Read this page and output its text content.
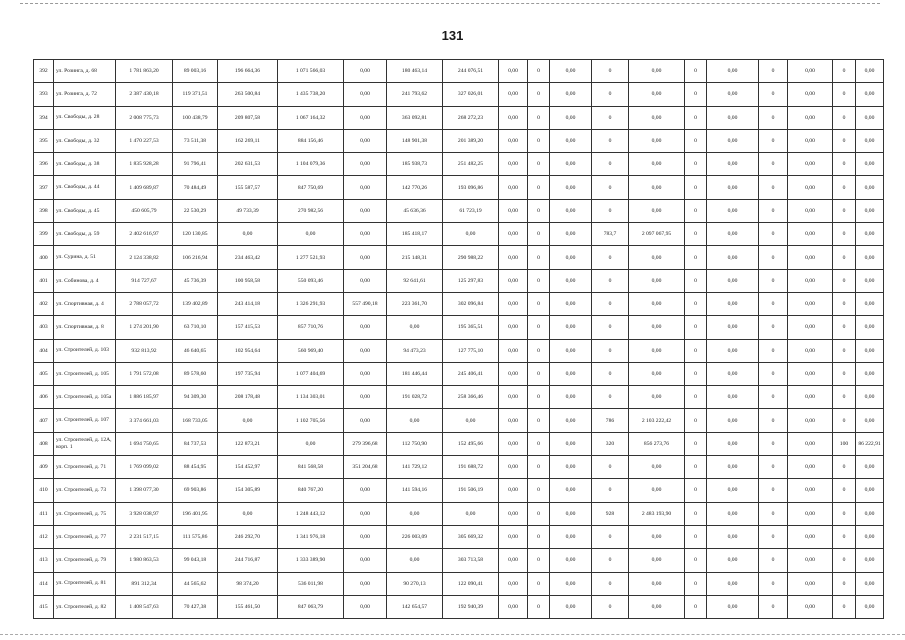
131
392	ул. Розинга, д. 68	1 781 863,20	89 003,16	196 664,36	1 071 566,03	0,00	180 463,14	244 076,51	0,00	0	0,00	0	0,00	0	0,00	0	0,00	0	0,00
393	ул. Розинга, д. 72	2 387 430,18	119 371,51	263 500,84	1 435 738,20	0,00	241 793,62	327 026,01	0,00	0	0,00	0	0,00	0	0,00	0	0,00	0	0,00
394	ул. Свободы, д. 28	2 008 775,73	100 438,79	209 807,58	1 067 164,32	0,00	363 092,81	268 272,23	0,00	0	0,00	0	0,00	0	0,00	0	0,00	0	0,00
395	ул. Свободы, д. 32	1 470 227,53	73 511,38	162 269,11	884 156,46	0,00	148 901,38	201 389,20	0,00	0	0,00	0	0,00	0	0,00	0	0,00	0	0,00
396	ул. Свободы, д. 38	1 835 928,28	91 796,41	202 631,53	1 104 079,36	0,00	185 938,73	251 482,25	0,00	0	0,00	0	0,00	0	0,00	0	0,00	0	0,00
397	ул. Свободы, д. 44	1 409 689,87	70 484,49	155 587,57	847 750,69	0,00	142 770,26	193 096,86	0,00	0	0,00	0	0,00	0	0,00	0	0,00	0	0,00
398	ул. Свободы, д. 45	450 605,79	22 530,29	49 733,39	270 982,56	0,00	45 636,36	61 723,19	0,00	0	0,00	0	0,00	0	0,00	0	0,00	0	0,00
399	ул. Свободы, д. 59	2 402 616,97	120 130,85	0,00	0,00	0,00	185 418,17	0,00	0,00	0	0,00	783,7	2 097 067,95	0	0,00	0	0,00	0	0,00
400	ул. Сурина, д. 51	2 124 338,82	106 216,94	234 463,42	1 277 521,93	0,00	215 148,31	290 988,22	0,00	0	0,00	0	0,00	0	0,00	0	0,00	0	0,00
401	ул. Собинова, д. 4	914 727,67	45 736,39	100 958,58	550 093,46	0,00	92 641,61	125 297,83	0,00	0	0,00	0	0,00	0	0,00	0	0,00	0	0,00
402	ул. Спортивная, д. 4	2 788 057,72	139 402,89	243 414,18	1 326 291,93	557 490,18	223 361,70	302 096,84	0,00	0	0,00	0	0,00	0	0,00	0	0,00	0	0,00
403	ул. Спортивная, д. 8	1 274 201,90	63 710,10	157 415,53	857 710,76	0,00	0,00	195 365,51	0,00	0	0,00	0	0,00	0	0,00	0	0,00	0	0,00
404	ул. Строителей, д. 103	932 813,92	46 640,65	102 954,64	560 969,40	0,00	94 473,23	127 775,10	0,00	0	0,00	0	0,00	0	0,00	0	0,00	0	0,00
405	ул. Строителей, д. 105	1 791 572,08	89 578,60	197 735,94	1 077 404,69	0,00	181 446,44	245 406,41	0,00	0	0,00	0	0,00	0	0,00	0	0,00	0	0,00
406	ул. Строителей, д. 105а	1 886 185,97	94 309,30	208 178,48	1 134 303,01	0,00	191 028,72	258 366,46	0,00	0	0,00	0	0,00	0	0,00	0	0,00	0	0,00
407	ул. Строителей, д. 107	3 374 661,03	168 733,05	0,00	1 102 705,56	0,00	0,00	0,00	0,00	0	0,00	786	2 103 222,42	0	0,00	0	0,00	0	0,00
408	ул. Строителей, д. 12А, корп. 1	1 694 750,65	84 737,53	122 873,21	0,00	279 396,68	112 750,90	152 495,66	0,00	0	0,00	320	856 273,76	0	0,00	0	0,00	100	86 222,91
409	ул. Строителей, д. 71	1 769 099,02	88 454,95	154 452,97	841 568,58	351 204,68	141 729,12	191 688,72	0,00	0	0,00	0	0,00	0	0,00	0	0,00	0	0,00
410	ул. Строителей, д. 73	1 398 077,30	69 903,86	154 305,89	840 767,20	0,00	141 594,16	191 506,19	0,00	0	0,00	0	0,00	0	0,00	0	0,00	0	0,00
411	ул. Строителей, д. 75	3 928 038,97	196 401,95	0,00	1 248 443,12	0,00	0,00	0,00	0,00	0	0,00	928	2 483 193,90	0	0,00	0	0,00	0	0,00
412	ул. Строителей, д. 77	2 231 517,15	111 575,86	246 292,70	1 341 976,18	0,00	226 003,09	305 669,32	0,00	0	0,00	0	0,00	0	0,00	0	0,00	0	0,00
413	ул. Строителей, д. 79	1 980 863,53	99 043,18	244 716,87	1 333 389,90	0,00	0,00	303 713,58	0,00	0	0,00	0	0,00	0	0,00	0	0,00	0	0,00
414	ул. Строителей, д. 81	891 312,34	44 565,62	98 374,20	536 011,98	0,00	90 270,13	122 090,41	0,00	0	0,00	0	0,00	0	0,00	0	0,00	0	0,00
415	ул. Строителей, д. 82	1 408 547,63	70 427,38	155 461,50	847 063,79	0,00	142 654,57	192 940,39	0,00	0	0,00	0	0,00	0	0,00	0	0,00	0	0,00
